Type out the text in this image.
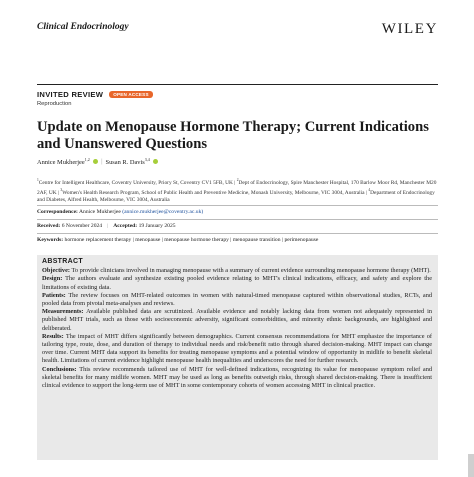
Clinical Endocrinology	WILEY
INVITED REVIEW	OPEN ACCESS
Reproduction
Update on Menopause Hormone Therapy; Current Indications and Unanswered Questions
Annice Mukherjee$^{1,2}$ | Susan R. Davis$^{3,4}$
$^1$Centre for Intelligent Healthcare, Coventry University, Priory St, Coventry CV1 5FB, UK | $^2$Dept of Endocrinology, Spire Manchester Hospital, 170 Barlow Moor Rd, Manchester M20 2AF, UK | $^3$Women's Health Research Program, School of Public Health and Preventive Medicine, Monash University, Melbourne, VIC 3004, Australia | $^4$Department of Endocrinology and Diabetes, Alfred Health, Melbourne, VIC 3004, Australia
Correspondence: Annice Mukherjee (annice.mukherjee@coventry.ac.uk)
Received: 6 November 2024 | Accepted: 19 January 2025
Keywords: hormone replacement therapy | menopause | menopause hormone therapy | menopause transition | perimenopause
ABSTRACT

Objective: To provide clinicians involved in managing menopause with a summary of current evidence surrounding menopause hormone therapy (MHT).

Design: The authors evaluate and synthesize existing pooled evidence relating to MHT's clinical indications, efficacy, and safety and explore the limitations of existing data.

Patients: The review focuses on MHT-related outcomes in women with natural-timed menopause captured within observational studies, RCTs, and pooled data from pivotal meta-analyses and reviews.

Measurements: Available published data are scrutinized. Available evidence and notably lacking data from women not adequately represented in published MHT trials, such as those with socioeconomic adversity, significant comorbidities, and minority ethnic backgrounds, are highlighted and deliberated.

Results: The impact of MHT differs significantly between demographics. Current consensus recommendations for MHT emphasize the importance of tailoring type, route, dose, and duration of therapy to individual needs and risk/benefit ratio through shared decision-making. MHT impact can change over time. Current MHT data support its benefits for treating menopause symptoms and a potential window of opportunity in midlife to benefit skeletal health. Limitations of current evidence highlight menopause health inequalities and underscores the need for further research.

Conclusions: This review recommends tailored use of MHT for well-defined indications, recognizing its value for menopause symptom relief and skeletal benefits for many midlife women. MHT may be used as long as benefits outweigh risks, through shared decision-making. There is insufficient clinical evidence to support the long-term use of MHT in some contemporary cohorts of women accessing MHT in clinical practice.
